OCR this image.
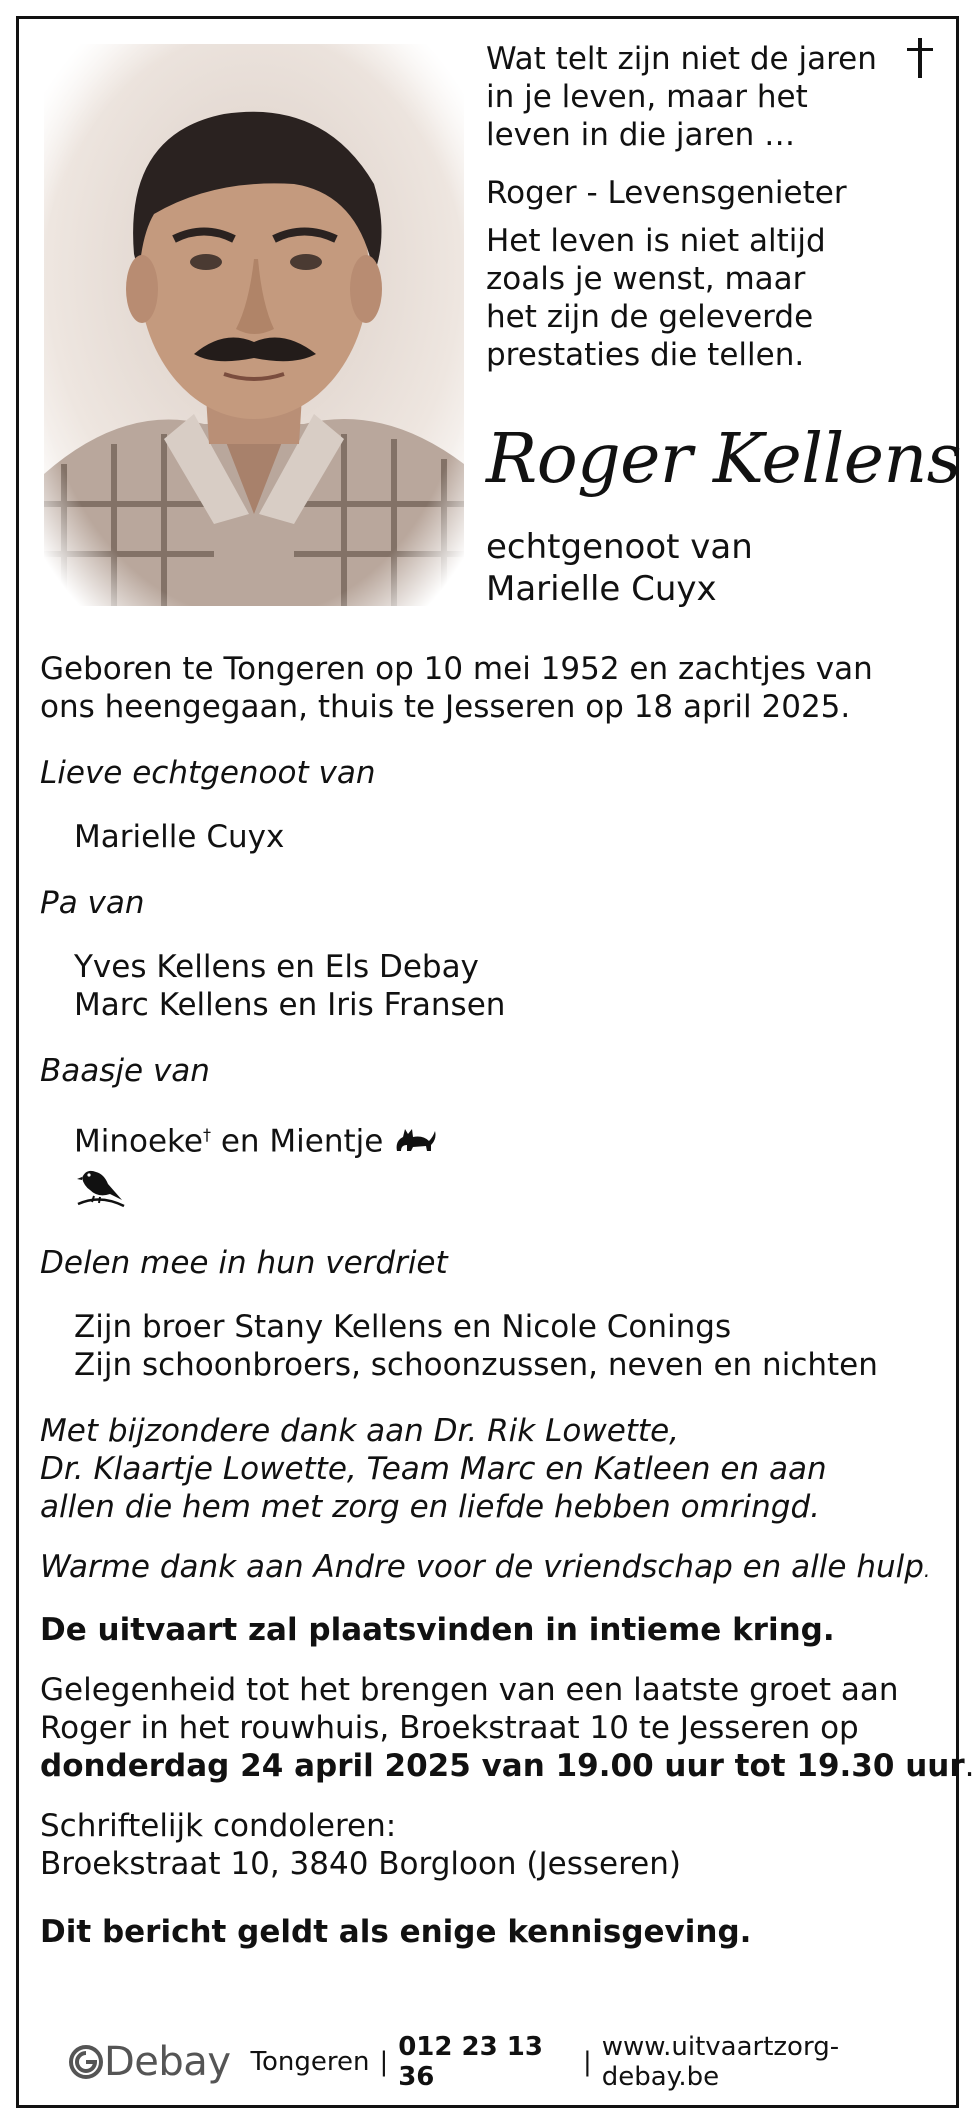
Wat telt zijn niet de jaren

in je leven, maar het

leven in die jaren …

Roger - Levensgenieter

Het leven is niet altijd

zoals je wenst, maar

het zijn de geleverde

prestaties die tellen.

Roger Kellens
echtgenoot van
Marielle Cuyx

Geboren te Tongeren op 10 mei 1952 en zachtjes van

ons heengegaan, thuis te Jesseren op 18 april 2025.

Lieve echtgenoot van

Marielle Cuyx

Pa van

Yves Kellens en Els Debay

Marc Kellens en Iris Fransen

Baasje van

Minoeke† en Mientje

Delen mee in hun verdriet

Zijn broer Stany Kellens en Nicole Conings

Zijn schoonbroers, schoonzussen, neven en nichten

Met bijzondere dank aan Dr. Rik Lowette,

Dr. Klaartje Lowette, Team Marc en Katleen en aan

allen die hem met zorg en liefde hebben omringd.

Warme dank aan Andre voor de vriendschap en alle hulp.

De uitvaart zal plaatsvinden in intieme kring.

Gelegenheid tot het brengen van een laatste groet aan

Roger in het rouwhuis, Broekstraat 10 te Jesseren op

donderdag 24 april 2025 van 19.00 uur tot 19.30 uur.

Schriftelijk condoleren:

Broekstraat 10, 3840 Borgloon (Jesseren)

Dit bericht geldt als enige kennisgeving.

Debay Tongeren | 012 23 13 36	| www.uitvaartzorg-debay.be
